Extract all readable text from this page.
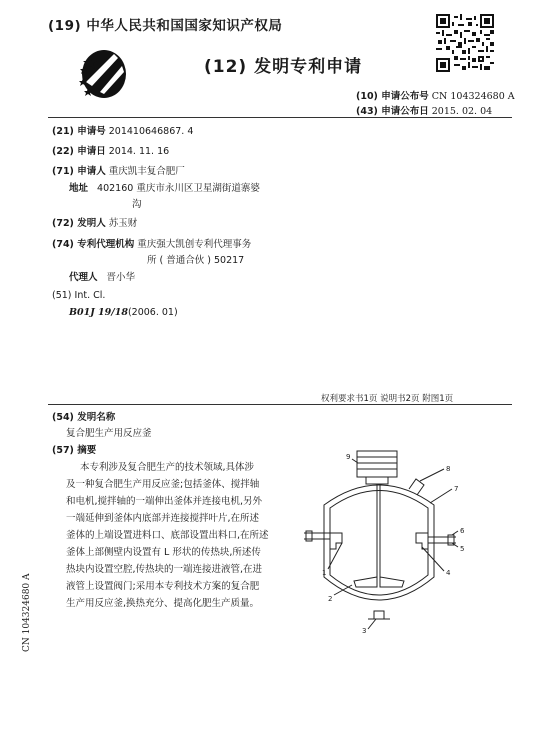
(19) 中华人民共和国国家知识产权局
(12) 发明专利申请
(10) 申请公布号 CN 104324680 A
(43) 申请公布日 2015. 02. 04
(21) 申请号 201410646867. 4
(22) 申请日 2014. 11. 16
(71) 申请人 重庆凯丰复合肥厂
地址 402160 重庆市永川区卫星湖街道寨婆
沟
(72) 发明人 苏玉财
(74) 专利代理机构 重庆强大凯创专利代理事务
所 ( 普通合伙 ) 50217
代理人 晋小华
(51) Int. Cl.
B01J 19/18(2006. 01)
权利要求书1页 说明书2页 附图1页
(54) 发明名称
复合肥生产用反应釜
(57) 摘要
本专利涉及复合肥生产的技术领域,具体涉
及一种复合肥生产用反应釜;包括釜体、搅拌轴
和电机,搅拌轴的一端伸出釜体并连接电机,另外
一端延伸到釜体内底部并连接搅拌叶片,在所述
釜体的上端设置进料口、底部设置出料口,在所述
釜体上部侧壁内设置有 L 形状的传热块,所述传
热块内设置空腔,传热块的一端连接进液管,在进
液管上设置阀门;采用本专利技术方案的复合肥
生产用反应釜,换热充分、提高化肥生产质量。
9
8
7
6
5
4
1
2
3
CN 104324680 A
